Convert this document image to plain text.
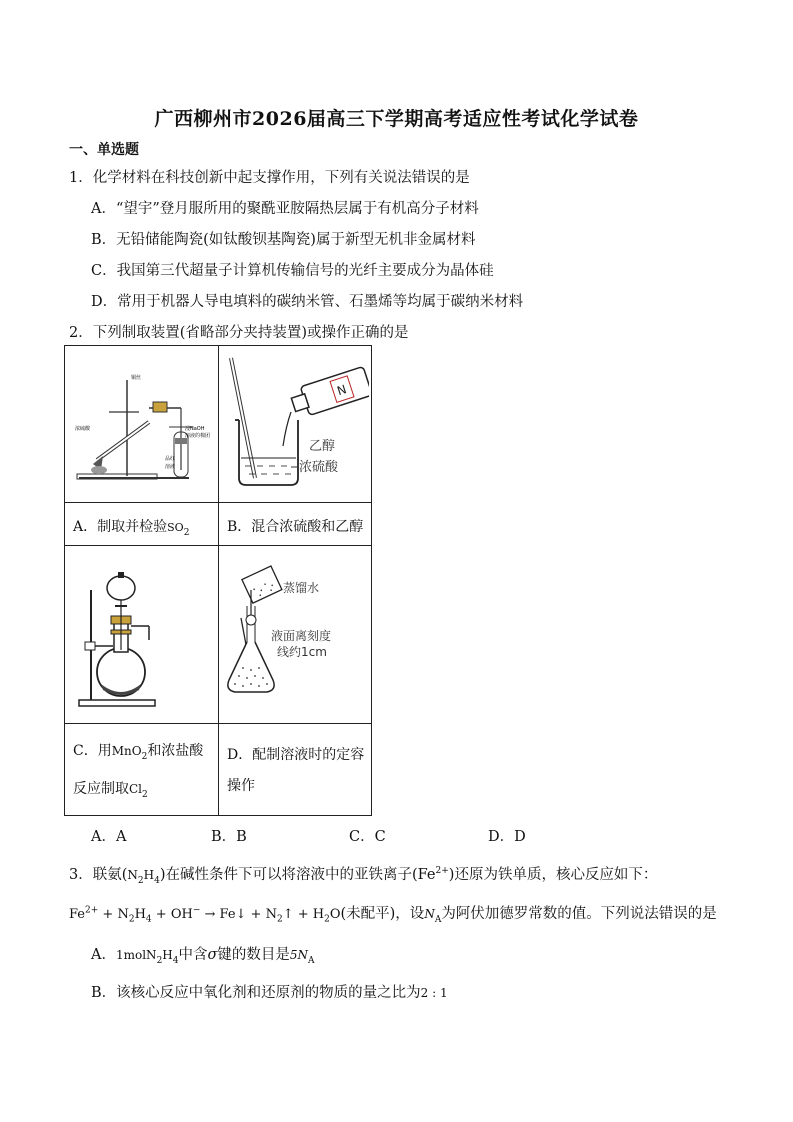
广西柳州市2026届高三下学期高考适应性考试化学试卷
一、单选题
1．化学材料在科技创新中起支撑作用，下列有关说法错误的是
A．“望宇”登月服所用的聚酰亚胺隔热层属于有机高分子材料
B．无铅储能陶瓷(如钛酸钡基陶瓷)属于新型无机非金属材料
C．我国第三代超量子计算机传输信号的光纤主要成分为晶体硅
D．常用于机器人导电填料的碳纳米管、石墨烯等均属于碳纳米材料
2．下列制取装置(省略部分夹持装置)或操作正确的是
铜丝
浓硫酸	浸NaOH
溶液的棉团
品红
溶液
N
乙醇
浓硫酸
A．制取并检验$SO_2$	B．混合浓硫酸和乙醇
蒸馏水
液面离刻度
线约1cm
C．用MnO$_2$和浓盐酸
反应制取$Cl_2$
D．配制溶液时的定容
操作
A．A	B．B	C．C	D．D
3．联氨$(N_2H_4)$在碱性条件下可以将溶液中的亚铁离子$(Fe^{2+})$还原为铁单质，核心反应如下：
$Fe^{2+} + N_2H_4 + OH^-$ → Fe↓ + $N_2↑ + H_2O$(未配平)，设$N_A$为阿伏加德罗常数的值。下列说法错误的是
A．$1molN_2H_4$中含σ键的数目是$5N_A$
B．该核心反应中氧化剂和还原剂的物质的量之比为2 : 1
